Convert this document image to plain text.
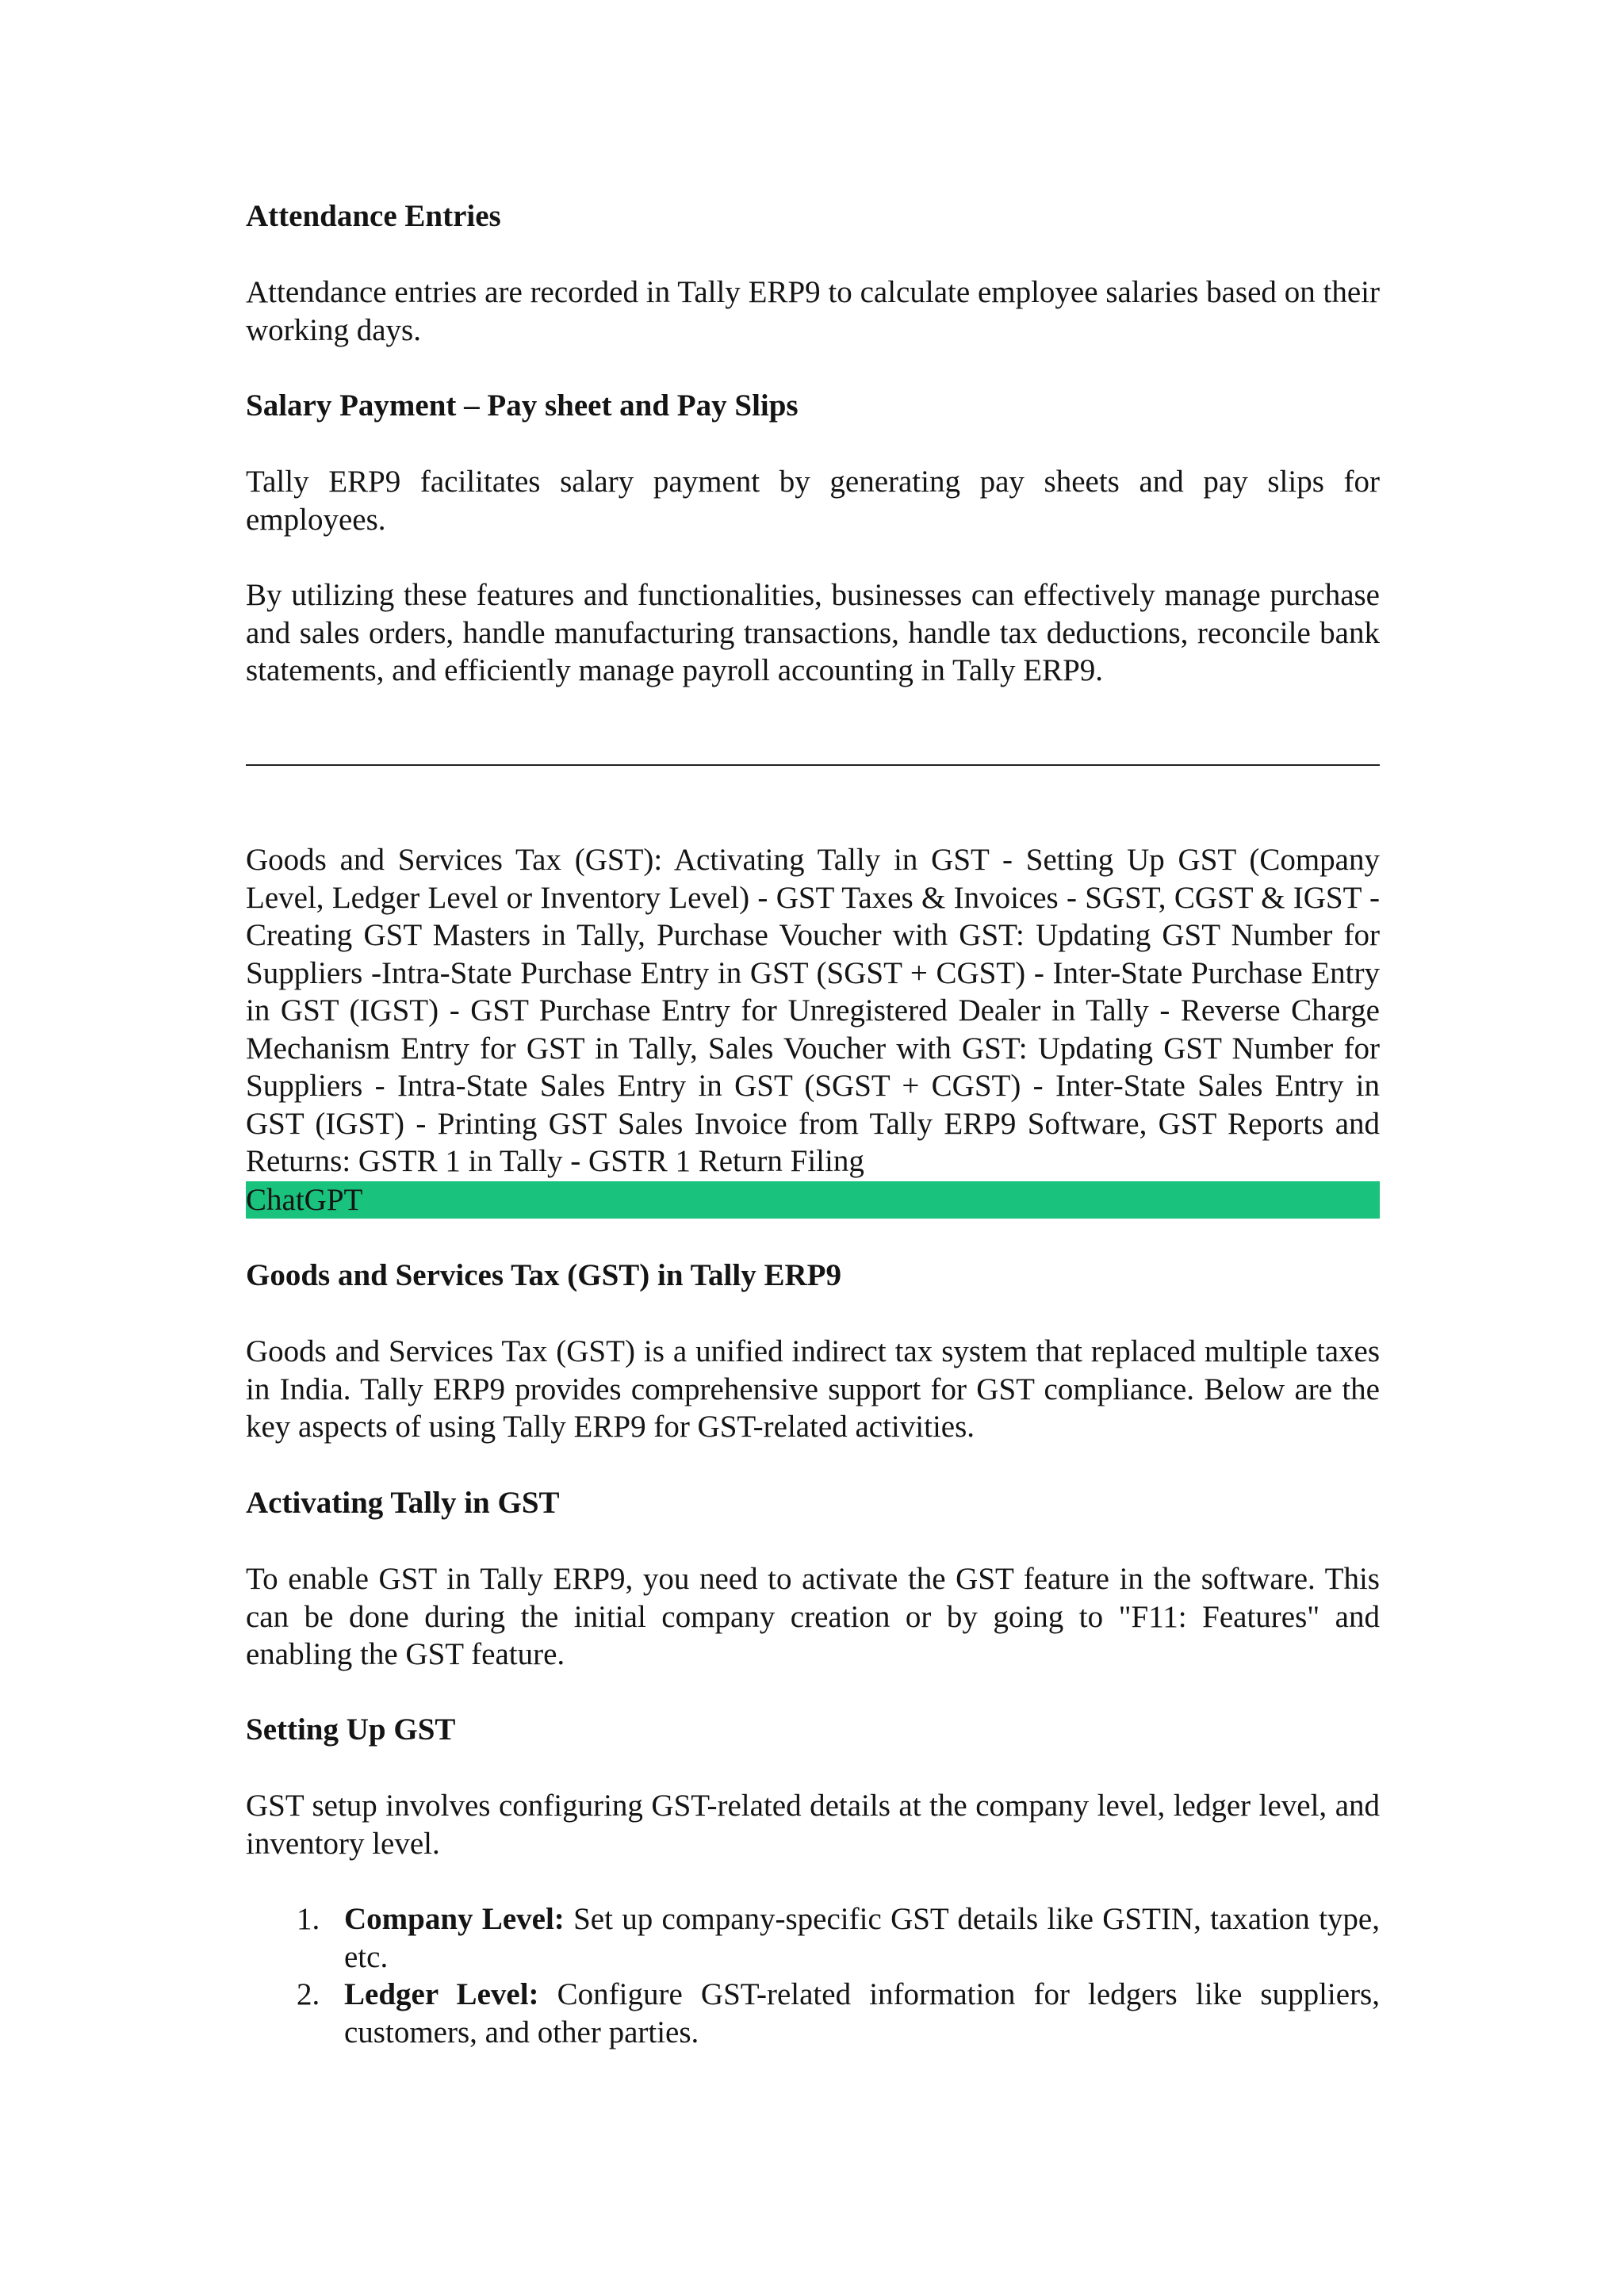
Attendance Entries

Attendance entries are recorded in Tally ERP9 to calculate employee salaries based on their working days.

Salary Payment – Pay sheet and Pay Slips

Tally ERP9 facilitates salary payment by generating pay sheets and pay slips for employees.

By utilizing these features and functionalities, businesses can effectively manage purchase and sales orders, handle manufacturing transactions, handle tax deductions, reconcile bank statements, and efficiently manage payroll accounting in Tally ERP9.

Goods and Services Tax (GST): Activating Tally in GST - Setting Up GST (Company Level, Ledger Level or Inventory Level) - GST Taxes & Invoices - SGST, CGST & IGST - Creating GST Masters in Tally, Purchase Voucher with GST: Updating GST Number for Suppliers -Intra-State Purchase Entry in GST (SGST + CGST) - Inter-State Purchase Entry in GST (IGST) - GST Purchase Entry for Unregistered Dealer in Tally - Reverse Charge Mechanism Entry for GST in Tally, Sales Voucher with GST: Updating GST Number for Suppliers - Intra-State Sales Entry in GST (SGST + CGST) - Inter-State Sales Entry in GST (IGST) - Printing GST Sales Invoice from Tally ERP9 Software, GST Reports and Returns: GSTR 1 in Tally - GSTR 1 Return Filing

ChatGPT

Goods and Services Tax (GST) in Tally ERP9

Goods and Services Tax (GST) is a unified indirect tax system that replaced multiple taxes in India. Tally ERP9 provides comprehensive support for GST compliance. Below are the key aspects of using Tally ERP9 for GST-related activities.

Activating Tally in GST

To enable GST in Tally ERP9, you need to activate the GST feature in the software. This can be done during the initial company creation or by going to "F11: Features" and enabling the GST feature.

Setting Up GST

GST setup involves configuring GST-related details at the company level, ledger level, and inventory level.

1. Company Level: Set up company-specific GST details like GSTIN, taxation type, etc.
2. Ledger Level: Configure GST-related information for ledgers like suppliers, customers, and other parties.
